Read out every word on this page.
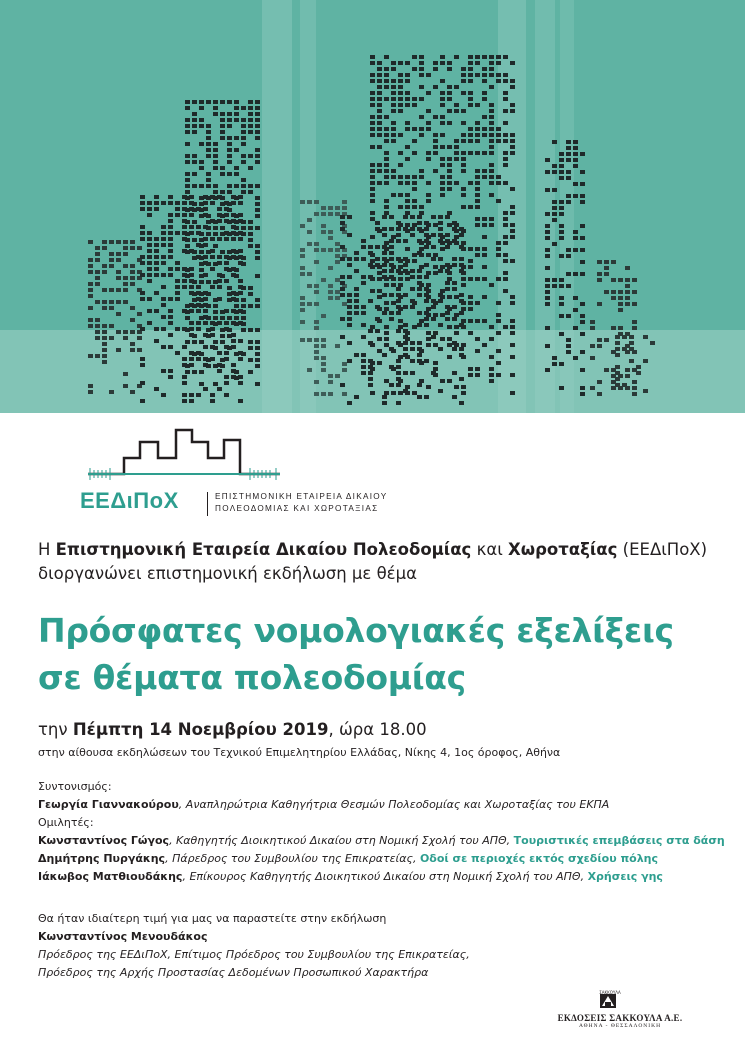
ΕΕΔιΠοΧ	ΕΠΙΣΤΗΜΟΝΙΚΗ ΕΤΑΙΡΕΙΑ ΔΙΚΑΙΟΥ
ΠΟΛΕΟΔΟΜΙΑΣ ΚΑΙ ΧΩΡΟΤΑΞΙΑΣ
Η Επιστημονική Εταιρεία Δικαίου Πολεοδομίας και Χωροταξίας (ΕΕΔιΠοΧ)
διοργανώνει επιστημονική εκδήλωση με θέμα
Πρόσφατες νομολογιακές εξελίξεις
σε θέματα πολεοδομίας
την Πέμπτη 14 Νοεμβρίου 2019, ώρα 18.00
στην αίθουσα εκδηλώσεων του Τεχνικού Επιμελητηρίου Ελλάδας, Νίκης 4, 1ος όροφος, Αθήνα
Συντονισμός:
Γεωργία Γιαννακούρου, Αναπληρώτρια Καθηγήτρια Θεσμών Πολεοδομίας και Χωροταξίας του ΕΚΠΑ
Ομιλητές:
Κωνσταντίνος Γώγος, Καθηγητής Διοικητικού Δικαίου στη Νομική Σχολή του ΑΠΘ, Τουριστικές επεμβάσεις στα δάση
Δημήτρης Πυργάκης, Πάρεδρος του Συμβουλίου της Επικρατείας, Οδοί σε περιοχές εκτός σχεδίου πόλης
Ιάκωβος Ματθιουδάκης, Επίκουρος Καθηγητής Διοικητικού Δικαίου στη Νομική Σχολή του ΑΠΘ, Χρήσεις γης
Θα ήταν ιδιαίτερη τιμή για μας να παραστείτε στην εκδήλωση
Κωνσταντίνος Μενουδάκος
Πρόεδρος της ΕΕΔιΠοΧ, Επίτιμος Πρόεδρος του Συμβουλίου της Επικρατείας,
Πρόεδρος της Αρχής Προστασίας Δεδομένων Προσωπικού Χαρακτήρα
ΣΑΚΚΟΥΛΑ
ΕΚΔΟΣΕΙΣ ΣΑΚΚΟΥΛΑ Α.Ε.
ΑΘΗΝΑ - ΘΕΣΣΑΛΟΝΙΚΗ
